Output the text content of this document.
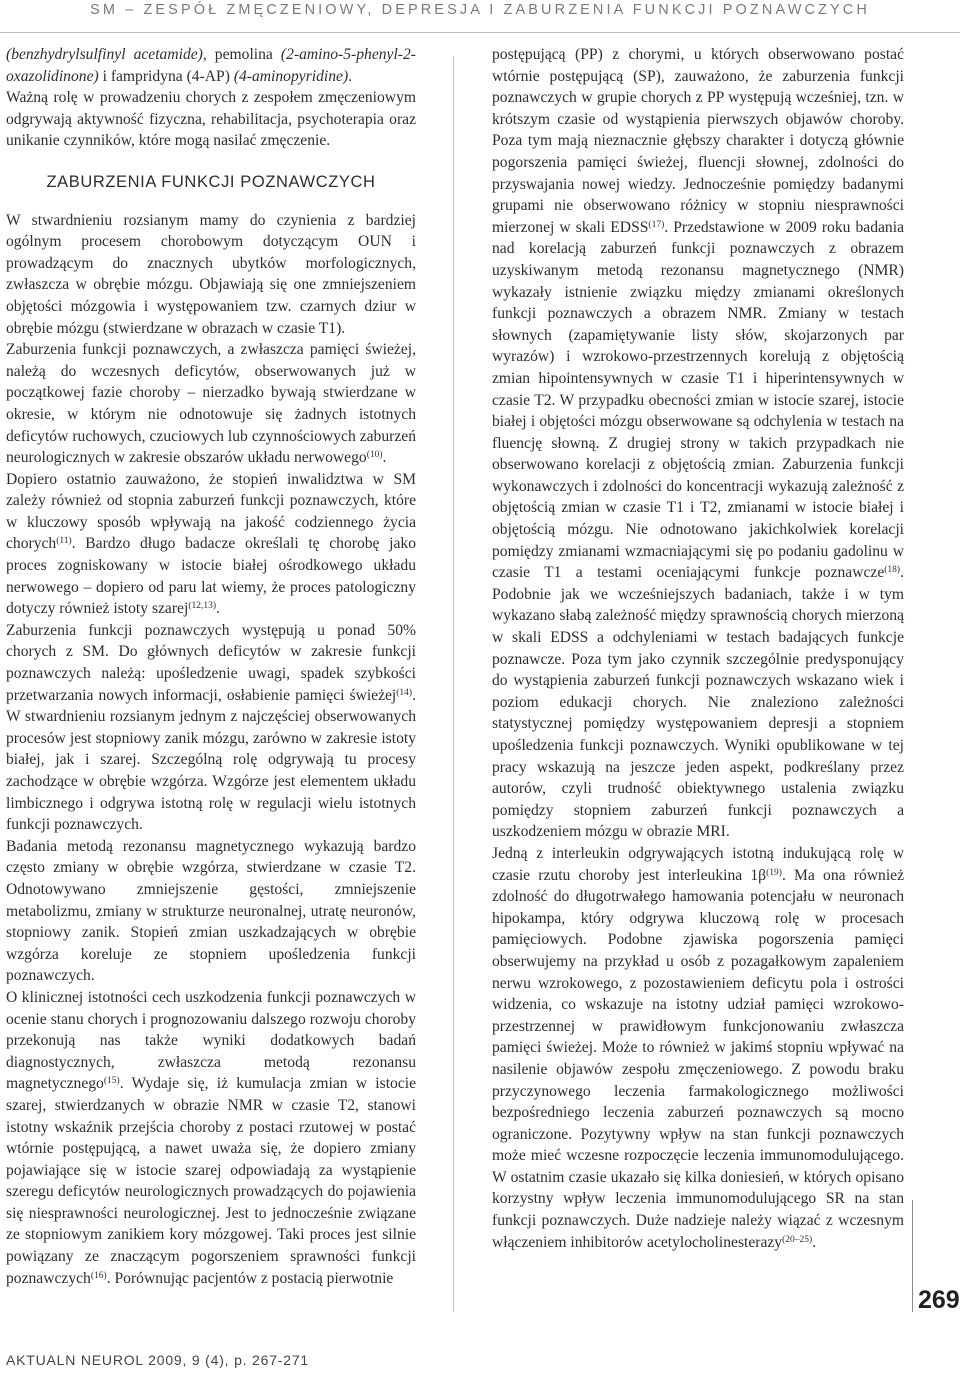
SM – ZESPÓŁ ZMĘCZENIOWY, DEPRESJA I ZABURZENIA FUNKCJI POZNAWCZYCH

(benzhydrylsulfinyl acetamide), pemolina (2-amino-5-phenyl-2-oxazolidinone) i fampridyna (4-AP) (4-aminopyridine).

Ważną rolę w prowadzeniu chorych z zespołem zmęczeniowym odgrywają aktywność fizyczna, rehabilitacja, psychoterapia oraz unikanie czynników, które mogą nasilać zmęczenie.

ZABURZENIA FUNKCJI POZNAWCZYCH

W stwardnieniu rozsianym mamy do czynienia z bardziej ogólnym procesem chorobowym dotyczącym OUN i prowadzącym do znacznych ubytków morfologicznych, zwłaszcza w obrębie mózgu. Objawiają się one zmniejszeniem objętości mózgowia i występowaniem tzw. czarnych dziur w obrębie mózgu (stwierdzane w obrazach w czasie T1).

Zaburzenia funkcji poznawczych, a zwłaszcza pamięci świeżej, należą do wczesnych deficytów, obserwowanych już w początkowej fazie choroby – nierzadko bywają stwierdzane w okresie, w którym nie odnotowuje się żadnych istotnych deficytów ruchowych, czuciowych lub czynnościowych zaburzeń neurologicznych w zakresie obszarów układu nerwowego$^{(10)}$.

Dopiero ostatnio zauważono, że stopień inwalidztwa w SM zależy również od stopnia zaburzeń funkcji poznawczych, które w kluczowy sposób wpływają na jakość codziennego życia chorych$^{(11)}$. Bardzo długo badacze określali tę chorobę jako proces zogniskowany w istocie białej ośrodkowego układu nerwowego – dopiero od paru lat wiemy, że proces patologiczny dotyczy również istoty szarej$^{(12,13)}$.

Zaburzenia funkcji poznawczych występują u ponad 50% chorych z SM. Do głównych deficytów w zakresie funkcji poznawczych należą: upośledzenie uwagi, spadek szybkości przetwarzania nowych informacji, osłabienie pamięci świeżej$^{(14)}$. W stwardnieniu rozsianym jednym z najczęściej obserwowanych procesów jest stopniowy zanik mózgu, zarówno w zakresie istoty białej, jak i szarej. Szczególną rolę odgrywają tu procesy zachodzące w obrębie wzgórza. Wzgórze jest elementem układu limbicznego i odgrywa istotną rolę w regulacji wielu istotnych funkcji poznawczych.

Badania metodą rezonansu magnetycznego wykazują bardzo często zmiany w obrębie wzgórza, stwierdzane w czasie T2. Odnotowywano zmniejszenie gęstości, zmniejszenie metabolizmu, zmiany w strukturze neuronalnej, utratę neuronów, stopniowy zanik. Stopień zmian uszkadzających w obrębie wzgórza koreluje ze stopniem upośledzenia funkcji poznawczych.

O klinicznej istotności cech uszkodzenia funkcji poznawczych w ocenie stanu chorych i prognozowaniu dalszego rozwoju choroby przekonują nas także wyniki dodatkowych badań diagnostycznych, zwłaszcza metodą rezonansu magnetycznego$^{(15)}$. Wydaje się, iż kumulacja zmian w istocie szarej, stwierdzanych w obrazie NMR w czasie T2, stanowi istotny wskaźnik przejścia choroby z postaci rzutowej w postać wtórnie postępującą, a nawet uważa się, że dopiero zmiany pojawiające się w istocie szarej odpowiadają za wystąpienie szeregu deficytów neurologicznych prowadzących do pojawienia się niesprawności neurologicznej. Jest to jednocześnie związane ze stopniowym zanikiem kory mózgowej. Taki proces jest silnie powiązany ze znaczącym pogorszeniem sprawności funkcji poznawczych$^{(16)}$. Porównując pacjentów z postacią pierwotnie

postępującą (PP) z chorymi, u których obserwowano postać wtórnie postępującą (SP), zauważono, że zaburzenia funkcji poznawczych w grupie chorych z PP występują wcześniej, tzn. w krótszym czasie od wystąpienia pierwszych objawów choroby. Poza tym mają nieznacznie głębszy charakter i dotyczą głównie pogorszenia pamięci świeżej, fluencji słownej, zdolności do przyswajania nowej wiedzy. Jednocześnie pomiędzy badanymi grupami nie obserwowano różnicy w stopniu niesprawności mierzonej w skali EDSS$^{(17)}$. Przedstawione w 2009 roku badania nad korelacją zaburzeń funkcji poznawczych z obrazem uzyskiwanym metodą rezonansu magnetycznego (NMR) wykazały istnienie związku między zmianami określonych funkcji poznawczych a obrazem NMR. Zmiany w testach słownych (zapamiętywanie listy słów, skojarzonych par wyrazów) i wzrokowo-przestrzennych korelują z objętością zmian hipointensywnych w czasie T1 i hiperintensywnych w czasie T2. W przypadku obecności zmian w istocie szarej, istocie białej i objętości mózgu obserwowane są odchylenia w testach na fluencję słowną. Z drugiej strony w takich przypadkach nie obserwowano korelacji z objętością zmian. Zaburzenia funkcji wykonawczych i zdolności do koncentracji wykazują zależność z objętością zmian w czasie T1 i T2, zmianami w istocie białej i objętością mózgu. Nie odnotowano jakichkolwiek korelacji pomiędzy zmianami wzmacniającymi się po podaniu gadolinu w czasie T1 a testami oceniającymi funkcje poznawcze$^{(18)}$. Podobnie jak we wcześniejszych badaniach, także i w tym wykazano słabą zależność między sprawnością chorych mierzoną w skali EDSS a odchyleniami w testach badających funkcje poznawcze. Poza tym jako czynnik szczególnie predysponujący do wystąpienia zaburzeń funkcji poznawczych wskazano wiek i poziom edukacji chorych. Nie znaleziono zależności statystycznej pomiędzy występowaniem depresji a stopniem upośledzenia funkcji poznawczych. Wyniki opublikowane w tej pracy wskazują na jeszcze jeden aspekt, podkreślany przez autorów, czyli trudność obiektywnego ustalenia związku pomiędzy stopniem zaburzeń funkcji poznawczych a uszkodzeniem mózgu w obrazie MRI.

Jedną z interleukin odgrywających istotną indukującą rolę w czasie rzutu choroby jest interleukina $1\beta^{(19)}$. Ma ona również zdolność do długotrwałego hamowania potencjału w neuronach hipokampa, który odgrywa kluczową rolę w procesach pamięciowych. Podobne zjawiska pogorszenia pamięci obserwujemy na przykład u osób z pozagałkowym zapaleniem nerwu wzrokowego, z pozostawieniem deficytu pola i ostrości widzenia, co wskazuje na istotny udział pamięci wzrokowo-przestrzennej w prawidłowym funkcjonowaniu zwłaszcza pamięci świeżej. Może to również w jakimś stopniu wpływać na nasilenie objawów zespołu zmęczeniowego. Z powodu braku przyczynowego leczenia farmakologicznego możliwości bezpośredniego leczenia zaburzeń poznawczych są mocno ograniczone. Pozytywny wpływ na stan funkcji poznawczych może mieć wczesne rozpoczęcie leczenia immunomodulującego. W ostatnim czasie ukazało się kilka doniesień, w których opisano korzystny wpływ leczenia immunomodulującego SR na stan funkcji poznawczych. Duże nadzieje należy wiązać z wczesnym włączeniem inhibitorów acetylocholinesterazy$^{(20-25)}$.

269
AKTUALN NEUROL 2009, 9 (4), p. 267-271
